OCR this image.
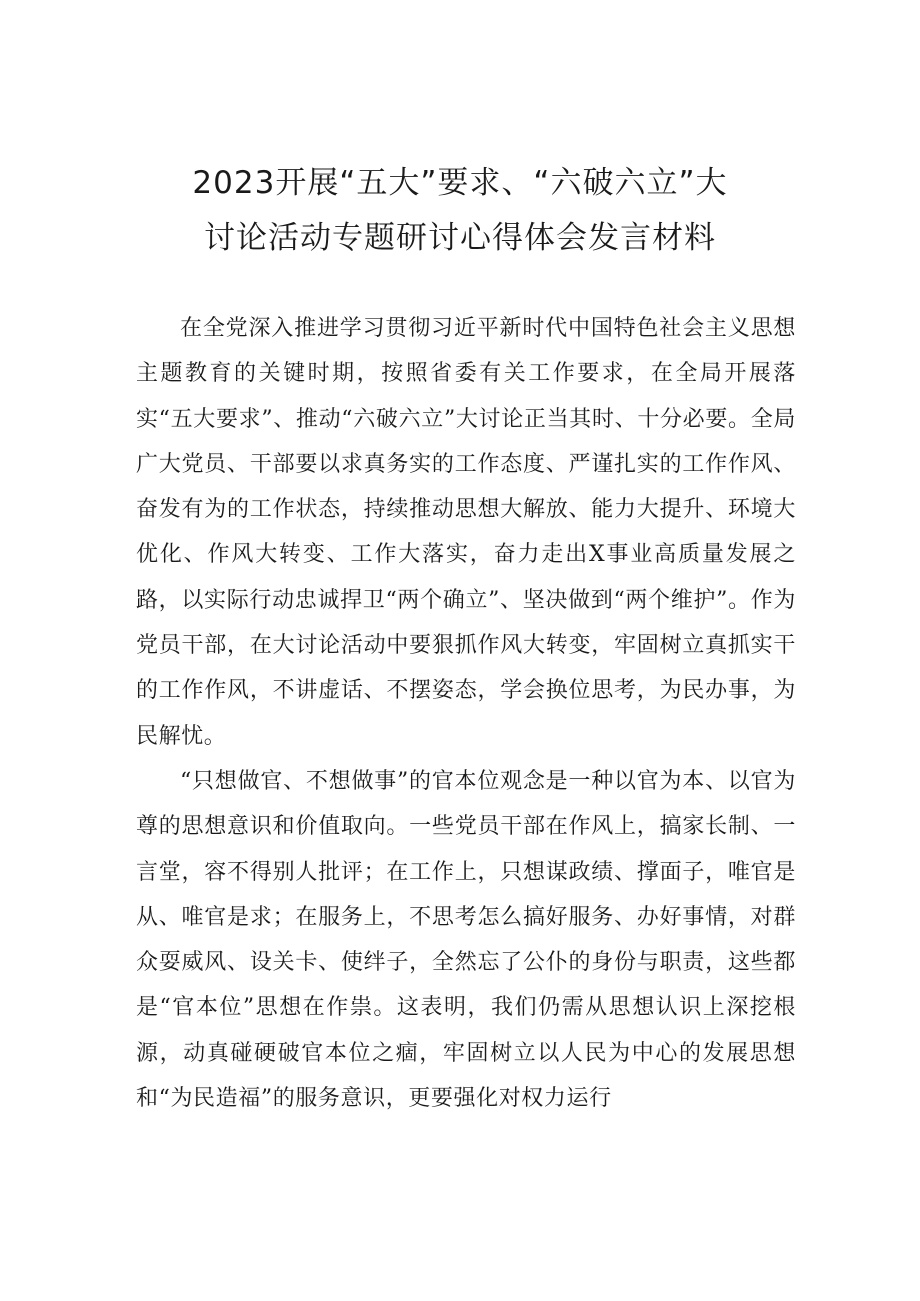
2023开展“五大”要求、“六破六立”大
讨论活动专题研讨心得体会发言材料

在全党深入推进学习贯彻习近平新时代中国特色社会主义思想主题教育的关键时期，按照省委有关工作要求，在全局开展落实“五大要求”、推动“六破六立”大讨论正当其时、十分必要。全局广大党员、干部要以求真务实的工作态度、严谨扎实的工作作风、奋发有为的工作状态，持续推动思想大解放、能力大提升、环境大优化、作风大转变、工作大落实，奋力走出X事业高质量发展之路，以实际行动忠诚捍卫“两个确立”、坚决做到“两个维护”。作为党员干部，在大讨论活动中要狠抓作风大转变，牢固树立真抓实干的工作作风，不讲虚话、不摆姿态，学会换位思考，为民办事，为民解忧。

“只想做官、不想做事”的官本位观念是一种以官为本、以官为尊的思想意识和价值取向。一些党员干部在作风上，搞家长制、一言堂，容不得别人批评；在工作上，只想谋政绩、撑面子，唯官是从、唯官是求；在服务上，不思考怎么搞好服务、办好事情，对群众耍威风、设关卡、使绊子，全然忘了公仆的身份与职责，这些都是“官本位”思想在作祟。这表明，我们仍需从思想认识上深挖根源，动真碰硬破官本位之痼，牢固树立以人民为中心的发展思想和“为民造福”的服务意识，更要强化对权力运行
